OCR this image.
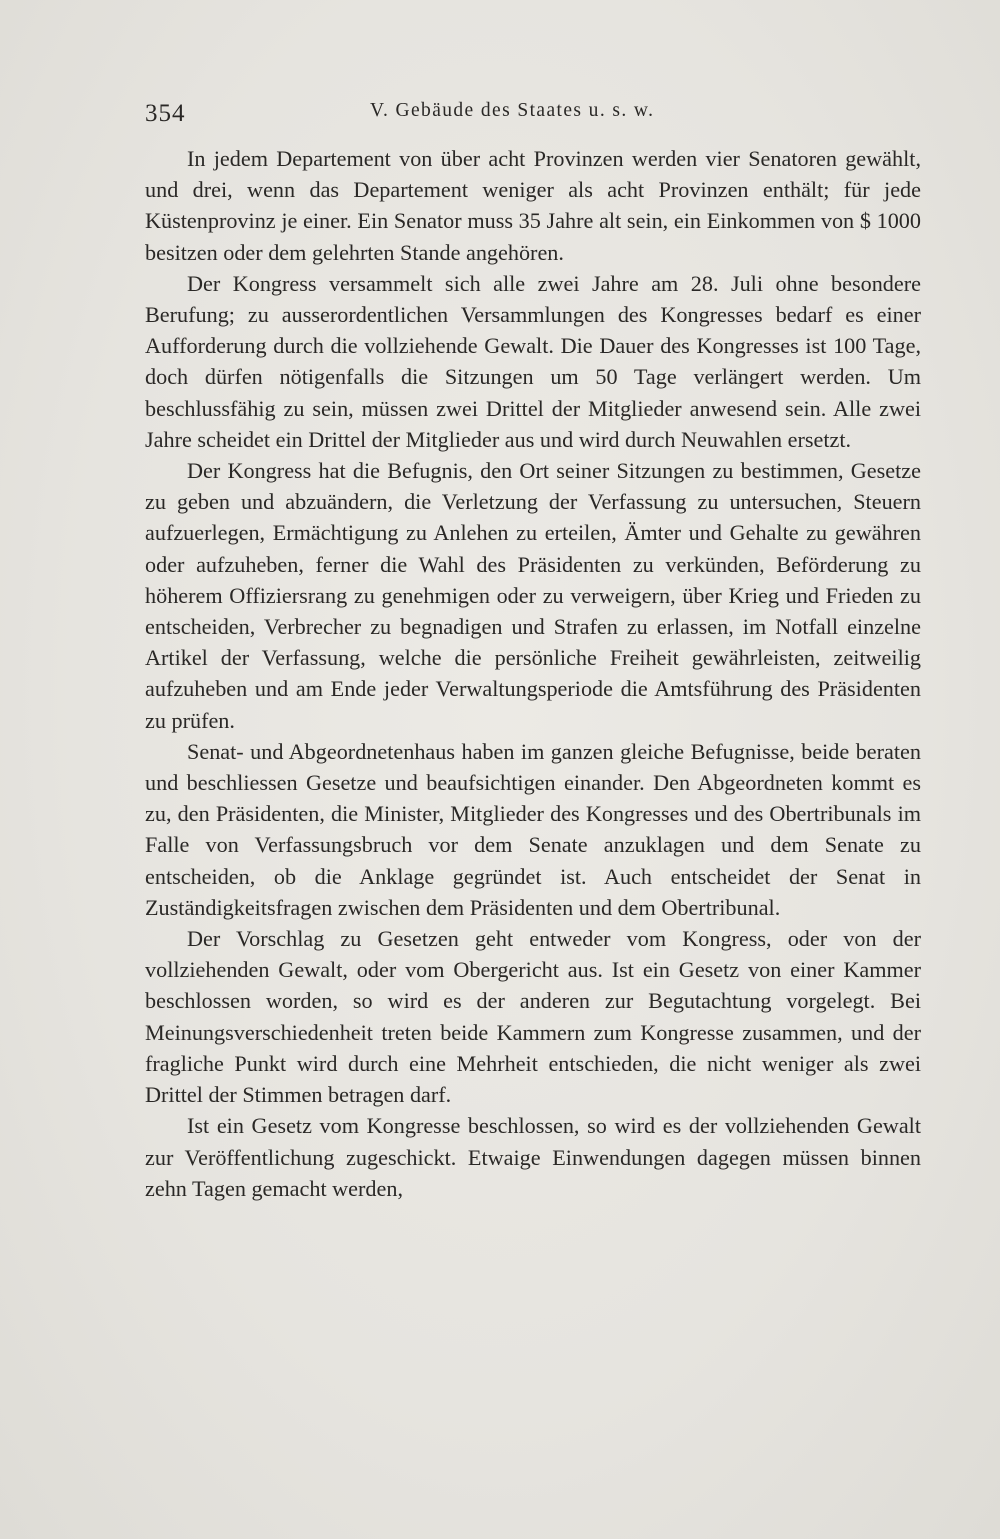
354	V. Gebäude des Staates u. s. w.

In jedem Departement von über acht Provinzen werden vier Senatoren gewählt, und drei, wenn das Departement weniger als acht Provinzen enthält; für jede Küstenprovinz je einer. Ein Senator muss 35 Jahre alt sein, ein Einkommen von $ 1000 besitzen oder dem gelehrten Stande angehören.

Der Kongress versammelt sich alle zwei Jahre am 28. Juli ohne besondere Berufung; zu ausserordentlichen Versammlungen des Kongresses bedarf es einer Aufforderung durch die vollziehende Gewalt. Die Dauer des Kongresses ist 100 Tage, doch dürfen nötigenfalls die Sitzungen um 50 Tage verlängert werden. Um beschlussfähig zu sein, müssen zwei Drittel der Mitglieder anwesend sein. Alle zwei Jahre scheidet ein Drittel der Mitglieder aus und wird durch Neuwahlen ersetzt.

Der Kongress hat die Befugnis, den Ort seiner Sitzungen zu bestimmen, Gesetze zu geben und abzuändern, die Verletzung der Verfassung zu untersuchen, Steuern aufzuerlegen, Ermächtigung zu Anlehen zu erteilen, Ämter und Gehalte zu gewähren oder aufzuheben, ferner die Wahl des Präsidenten zu verkünden, Beförderung zu höherem Offiziersrang zu genehmigen oder zu verweigern, über Krieg und Frieden zu entscheiden, Verbrecher zu begnadigen und Strafen zu erlassen, im Notfall einzelne Artikel der Verfassung, welche die persönliche Freiheit gewährleisten, zeitweilig aufzuheben und am Ende jeder Verwaltungsperiode die Amtsführung des Präsidenten zu prüfen.

Senat- und Abgeordnetenhaus haben im ganzen gleiche Befugnisse, beide beraten und beschliessen Gesetze und beaufsichtigen einander. Den Abgeordneten kommt es zu, den Präsidenten, die Minister, Mitglieder des Kongresses und des Obertribunals im Falle von Verfassungsbruch vor dem Senate anzuklagen und dem Senate zu entscheiden, ob die Anklage gegründet ist. Auch entscheidet der Senat in Zuständigkeitsfragen zwischen dem Präsidenten und dem Obertribunal.

Der Vorschlag zu Gesetzen geht entweder vom Kongress, oder von der vollziehenden Gewalt, oder vom Obergericht aus. Ist ein Gesetz von einer Kammer beschlossen worden, so wird es der anderen zur Begutachtung vorgelegt. Bei Meinungsverschiedenheit treten beide Kammern zum Kongresse zusammen, und der fragliche Punkt wird durch eine Mehrheit entschieden, die nicht weniger als zwei Drittel der Stimmen betragen darf.

Ist ein Gesetz vom Kongresse beschlossen, so wird es der vollziehenden Gewalt zur Veröffentlichung zugeschickt. Etwaige Einwendungen dagegen müssen binnen zehn Tagen gemacht werden,
